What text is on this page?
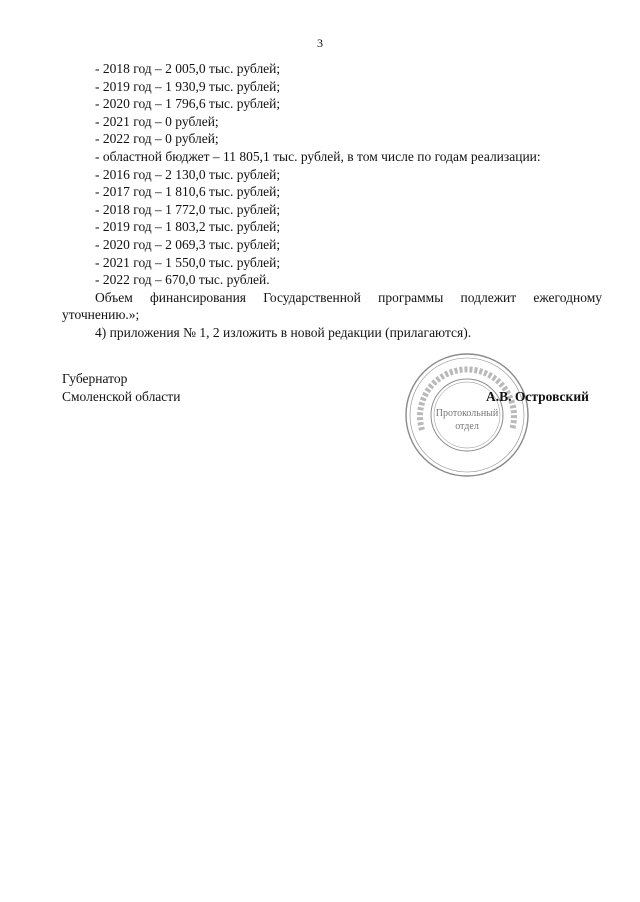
3
- 2018 год – 2 005,0 тыс. рублей;
- 2019 год – 1 930,9 тыс. рублей;
- 2020 год – 1 796,6 тыс. рублей;
- 2021 год – 0 рублей;
- 2022 год – 0 рублей;
- областной бюджет – 11 805,1 тыс. рублей, в том числе по годам реализации:
- 2016 год – 2 130,0 тыс. рублей;
- 2017 год – 1 810,6 тыс. рублей;
- 2018 год – 1 772,0 тыс. рублей;
- 2019 год – 1 803,2 тыс. рублей;
- 2020 год – 2 069,3 тыс. рублей;
- 2021 год – 1 550,0 тыс. рублей;
- 2022 год – 670,0 тыс. рублей.
Объем финансирования Государственной программы подлежит ежегодному
уточнению.»;
4) приложения № 1, 2 изложить в новой редакции (прилагаются).
Протокольный
отдел
Губернатор
Смоленской области	А.В. Островский
